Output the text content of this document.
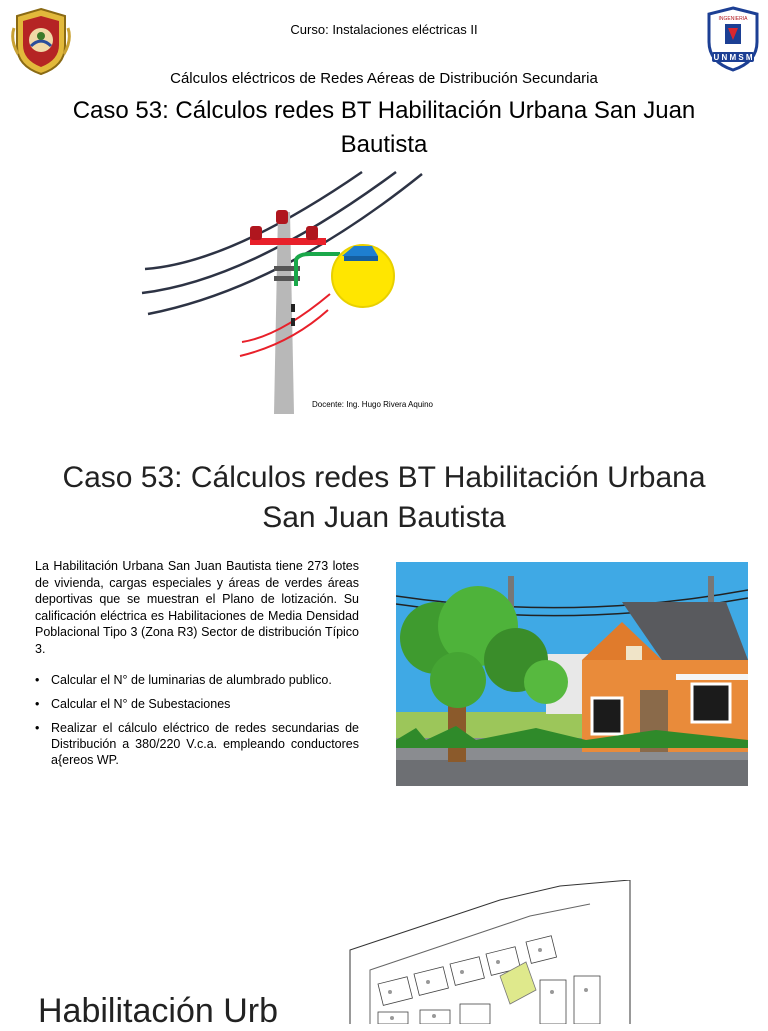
INGENIERIA
U N M S M
Curso: Instalaciones eléctricas II
Cálculos eléctricos de Redes Aéreas de Distribución Secundaria
Caso 53: Cálculos redes BT Habilitación Urbana San Juan Bautista
Docente: Ing. Hugo Rivera Aquino
Caso 53: Cálculos redes BT Habilitación Urbana San Juan Bautista
La Habilitación Urbana San Juan Bautista tiene 273 lotes de vivienda, cargas especiales y áreas de verdes áreas deportivas que se muestran el Plano de lotización. Su calificación eléctrica es Habilitaciones de Media Densidad Poblacional Tipo 3 (Zona R3) Sector de distribución Típico 3.
• Calcular el N° de luminarias de alumbrado publico.
• Calcular el N° de Subestaciones
• Realizar el cálculo eléctrico de redes secundarias de Distribución a 380/220 V.c.a. empleando conductores a{ereos WP.
Habilitación Urb
